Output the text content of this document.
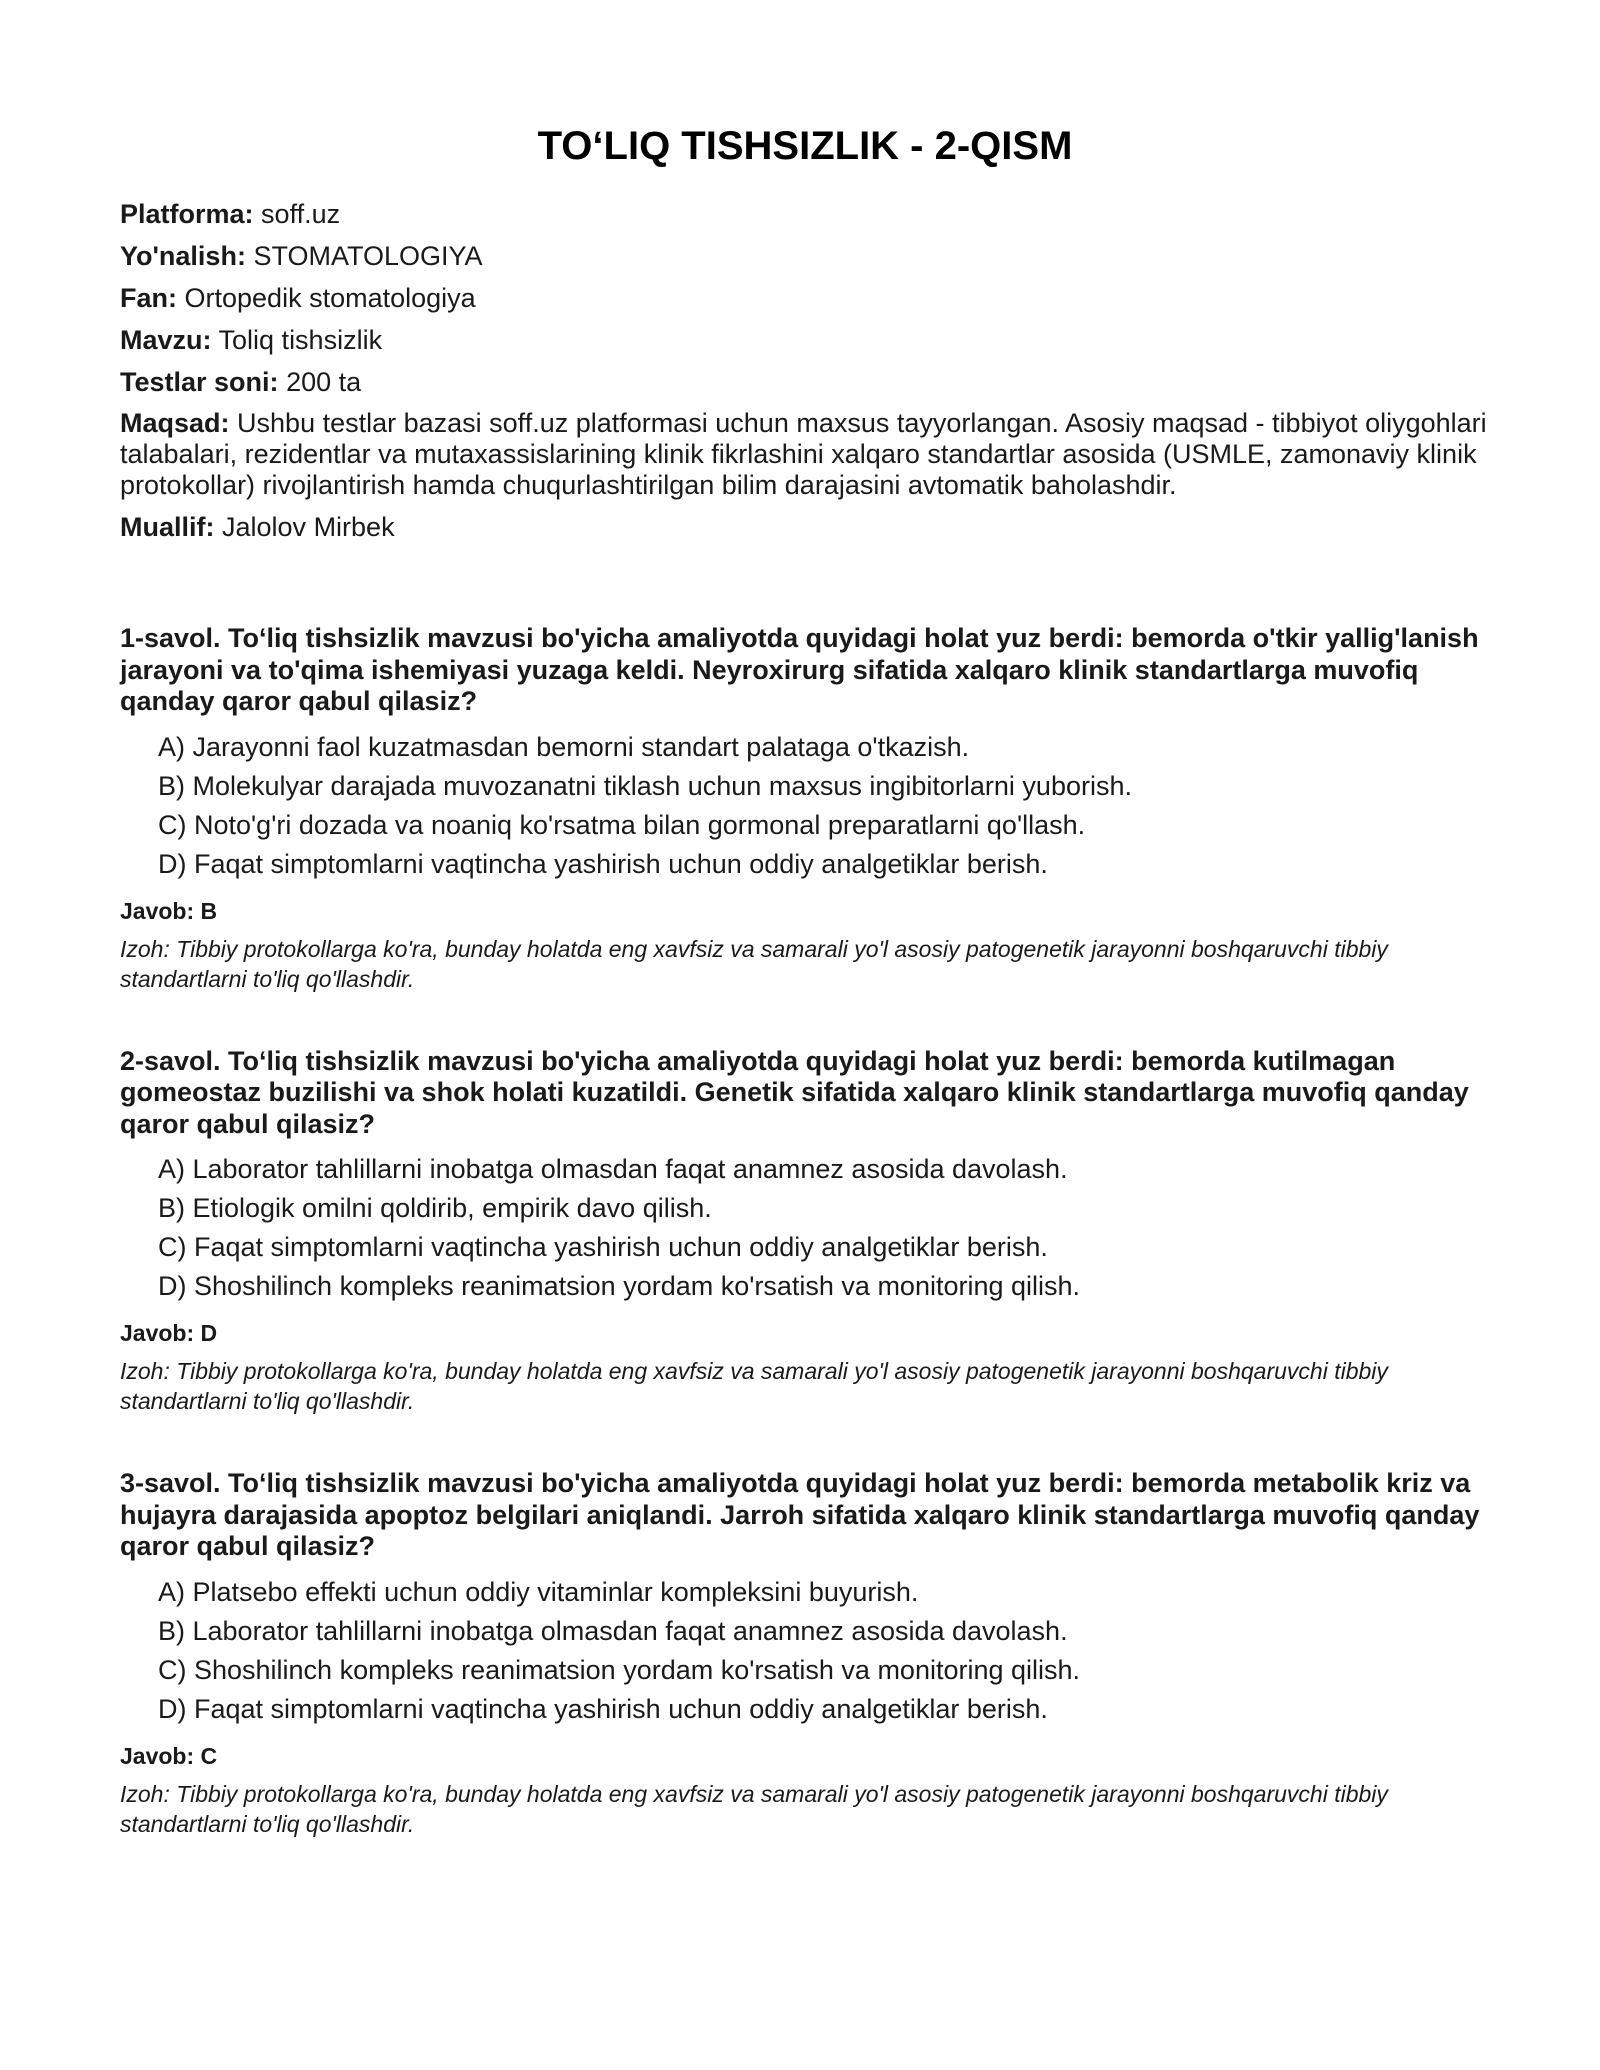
TO‘LIQ TISHSIZLIK - 2-QISM

Platforma: soff.uz

Yo'nalish: STOMATOLOGIYA

Fan: Ortopedik stomatologiya

Mavzu: Toliq tishsizlik

Testlar soni: 200 ta

Maqsad: Ushbu testlar bazasi soff.uz platformasi uchun maxsus tayyorlangan. Asosiy maqsad - tibbiyot oliygohlari talabalari, rezidentlar va mutaxassislarining klinik fikrlashini xalqaro standartlar asosida (USMLE, zamonaviy klinik protokollar) rivojlantirish hamda chuqurlashtirilgan bilim darajasini avtomatik baholashdir.

Muallif: Jalolov Mirbek

1-savol. To‘liq tishsizlik mavzusi bo'yicha amaliyotda quyidagi holat yuz berdi: bemorda o'tkir yallig'lanish jarayoni va to'qima ishemiyasi yuzaga keldi. Neyroxirurg sifatida xalqaro klinik standartlarga muvofiq qanday qaror qabul qilasiz?

A) Jarayonni faol kuzatmasdan bemorni standart palataga o'tkazish.
B) Molekulyar darajada muvozanatni tiklash uchun maxsus ingibitorlarni yuborish.
C) Noto'g'ri dozada va noaniq ko'rsatma bilan gormonal preparatlarni qo'llash.
D) Faqat simptomlarni vaqtincha yashirish uchun oddiy analgetiklar berish.

Javob: B

Izoh: Tibbiy protokollarga ko'ra, bunday holatda eng xavfsiz va samarali yo'l asosiy patogenetik jarayonni boshqaruvchi tibbiy standartlarni to'liq qo'llashdir.

2-savol. To‘liq tishsizlik mavzusi bo'yicha amaliyotda quyidagi holat yuz berdi: bemorda kutilmagan gomeostaz buzilishi va shok holati kuzatildi. Genetik sifatida xalqaro klinik standartlarga muvofiq qanday qaror qabul qilasiz?

A) Laborator tahlillarni inobatga olmasdan faqat anamnez asosida davolash.
B) Etiologik omilni qoldirib, empirik davo qilish.
C) Faqat simptomlarni vaqtincha yashirish uchun oddiy analgetiklar berish.
D) Shoshilinch kompleks reanimatsion yordam ko'rsatish va monitoring qilish.

Javob: D

Izoh: Tibbiy protokollarga ko'ra, bunday holatda eng xavfsiz va samarali yo'l asosiy patogenetik jarayonni boshqaruvchi tibbiy standartlarni to'liq qo'llashdir.

3-savol. To‘liq tishsizlik mavzusi bo'yicha amaliyotda quyidagi holat yuz berdi: bemorda metabolik kriz va hujayra darajasida apoptoz belgilari aniqlandi. Jarroh sifatida xalqaro klinik standartlarga muvofiq qanday qaror qabul qilasiz?

A) Platsebo effekti uchun oddiy vitaminlar kompleksini buyurish.
B) Laborator tahlillarni inobatga olmasdan faqat anamnez asosida davolash.
C) Shoshilinch kompleks reanimatsion yordam ko'rsatish va monitoring qilish.
D) Faqat simptomlarni vaqtincha yashirish uchun oddiy analgetiklar berish.

Javob: C

Izoh: Tibbiy protokollarga ko'ra, bunday holatda eng xavfsiz va samarali yo'l asosiy patogenetik jarayonni boshqaruvchi tibbiy standartlarni to'liq qo'llashdir.
